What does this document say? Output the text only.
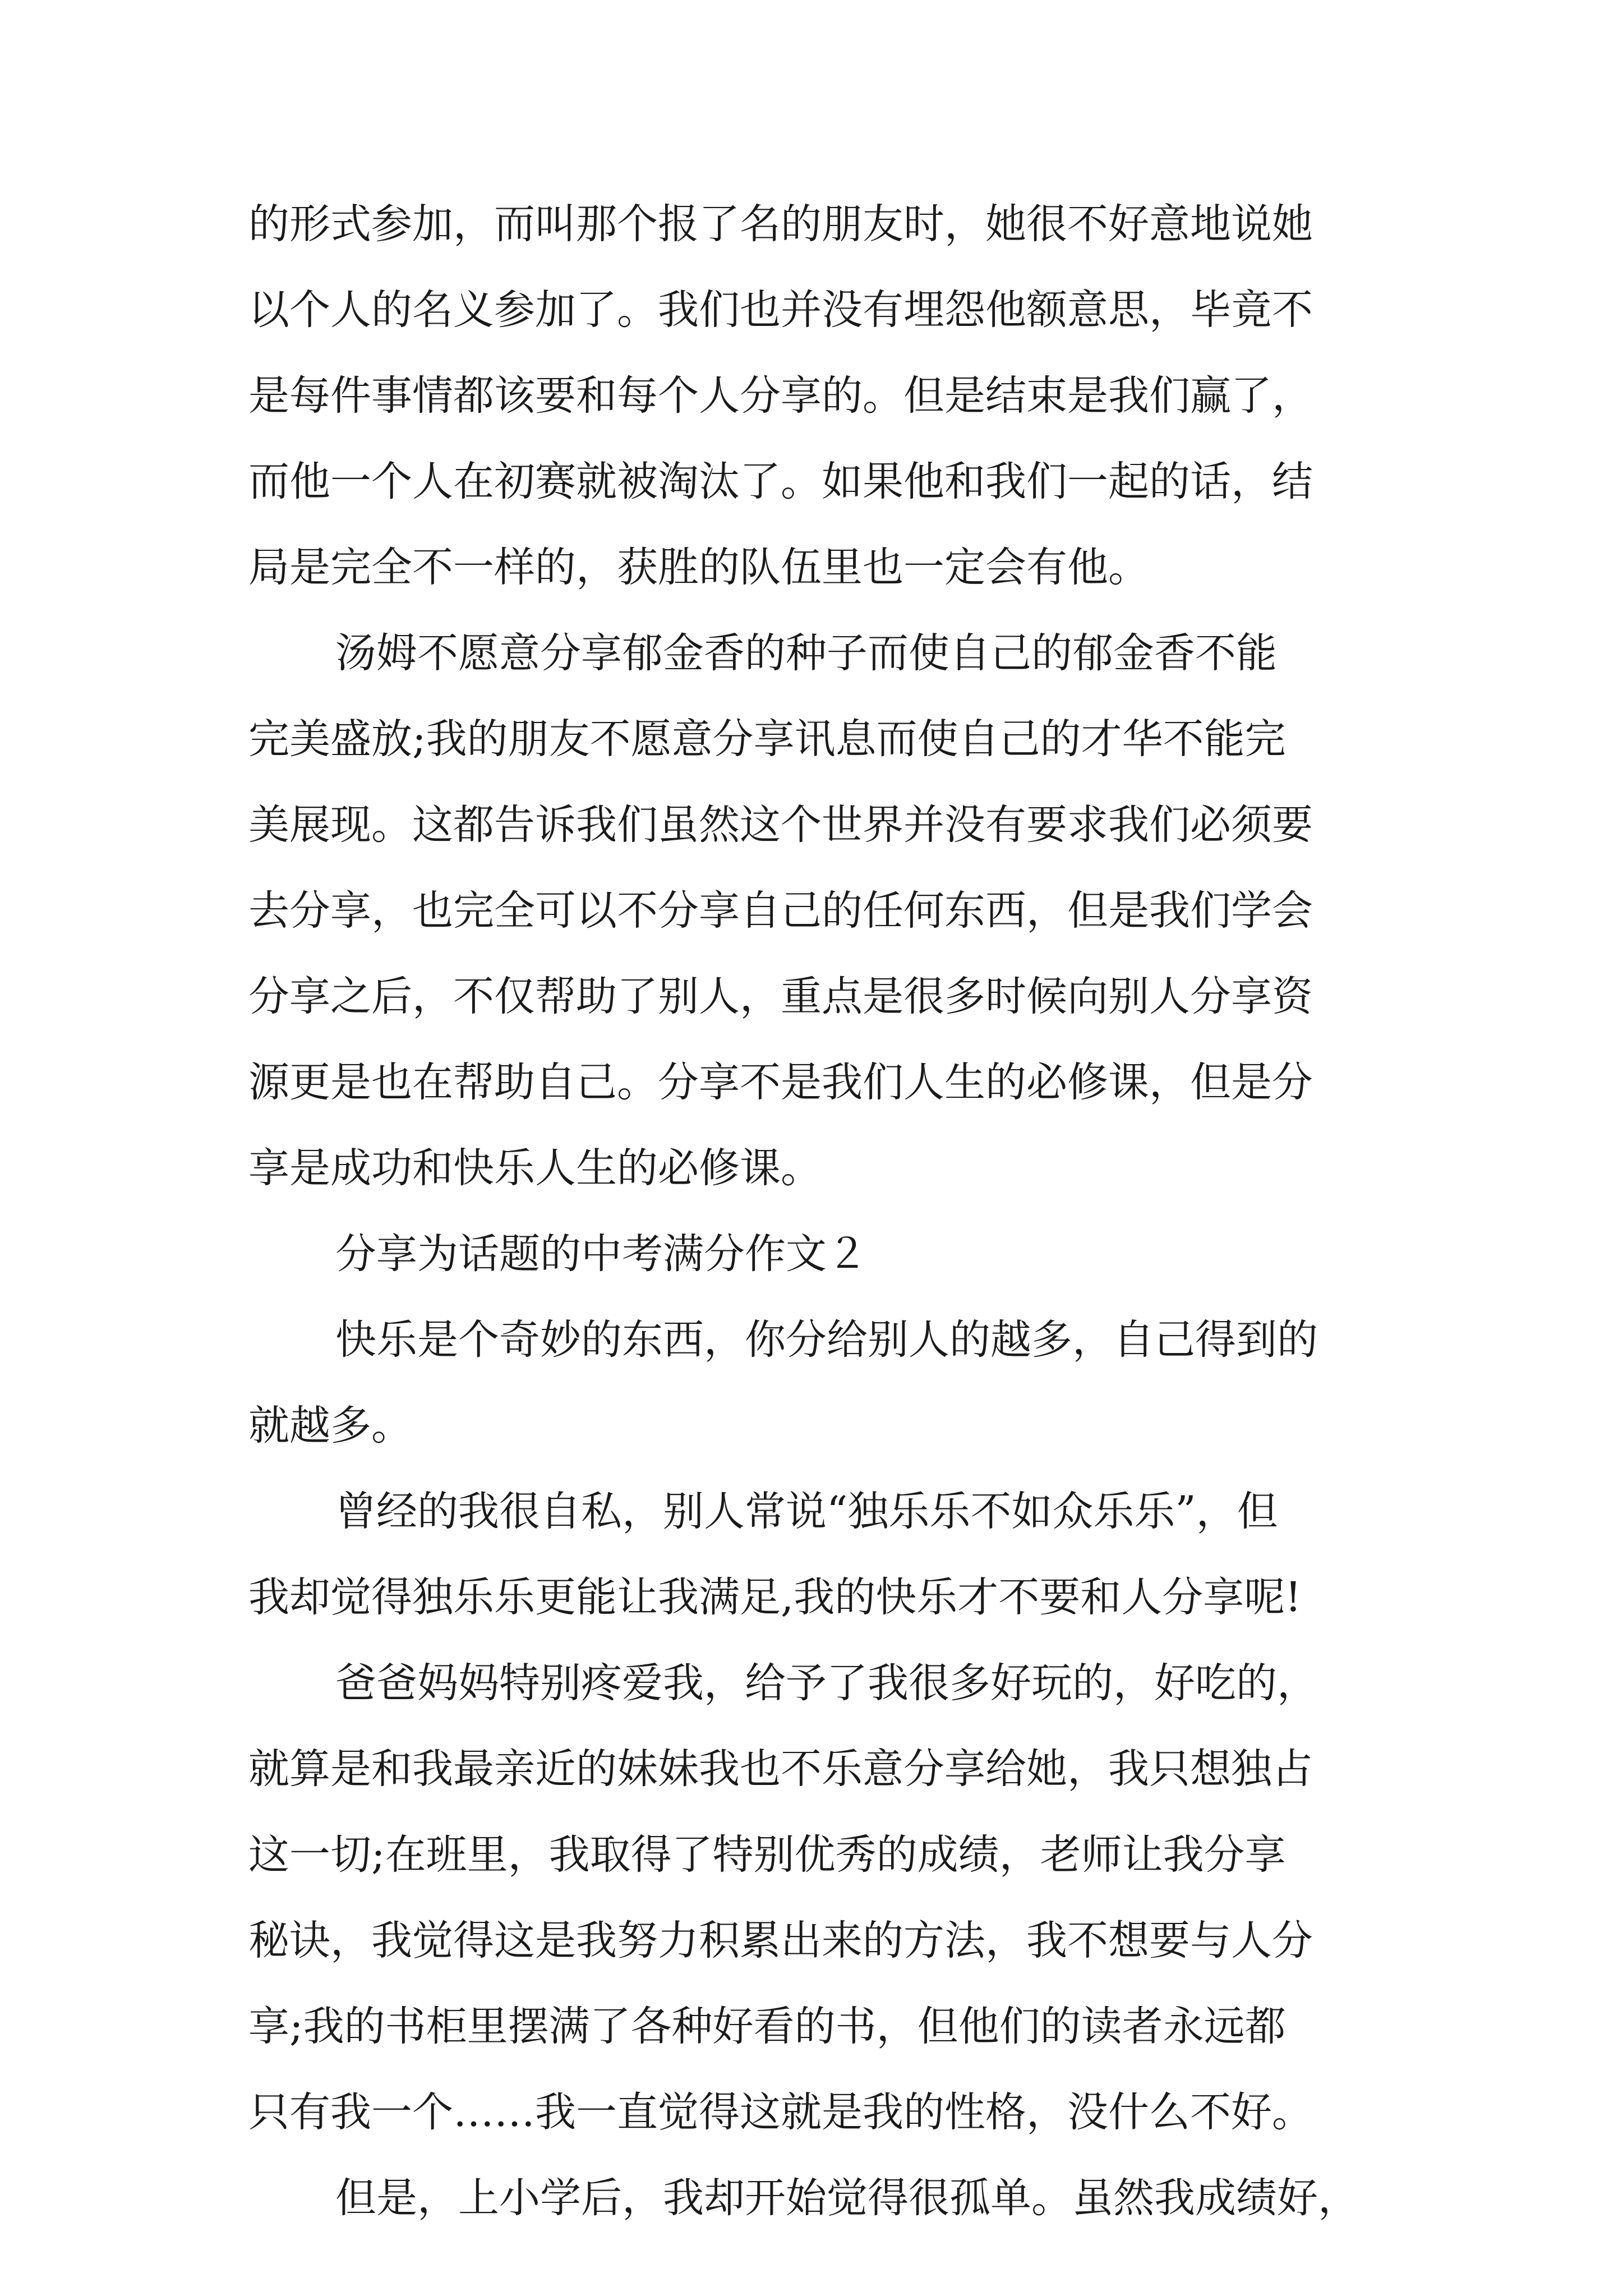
的形式参加，而叫那个报了名的朋友时，她很不好意地说她
以个人的名义参加了。我们也并没有埋怨他额意思，毕竟不
是每件事情都该要和每个人分享的。但是结束是我们赢了，
而他一个人在初赛就被淘汰了。如果他和我们一起的话，结
局是完全不一样的，获胜的队伍里也一定会有他。
汤姆不愿意分享郁金香的种子而使自己的郁金香不能
完美盛放;我的朋友不愿意分享讯息而使自己的才华不能完
美展现。这都告诉我们虽然这个世界并没有要求我们必须要
去分享，也完全可以不分享自己的任何东西，但是我们学会
分享之后，不仅帮助了别人，重点是很多时候向别人分享资
源更是也在帮助自己。分享不是我们人生的必修课，但是分
享是成功和快乐人生的必修课。
分享为话题的中考满分作文２
快乐是个奇妙的东西，你分给别人的越多，自己得到的
就越多。
曾经的我很自私，别人常说“独乐乐不如众乐乐”，但
我却觉得独乐乐更能让我满足,我的快乐才不要和人分享呢!
爸爸妈妈特别疼爱我，给予了我很多好玩的，好吃的，
就算是和我最亲近的妹妹我也不乐意分享给她，我只想独占
这一切;在班里，我取得了特别优秀的成绩，老师让我分享
秘诀，我觉得这是我努力积累出来的方法，我不想要与人分
享;我的书柜里摆满了各种好看的书，但他们的读者永远都
只有我一个……我一直觉得这就是我的性格，没什么不好。
但是，上小学后，我却开始觉得很孤单。虽然我成绩好，
